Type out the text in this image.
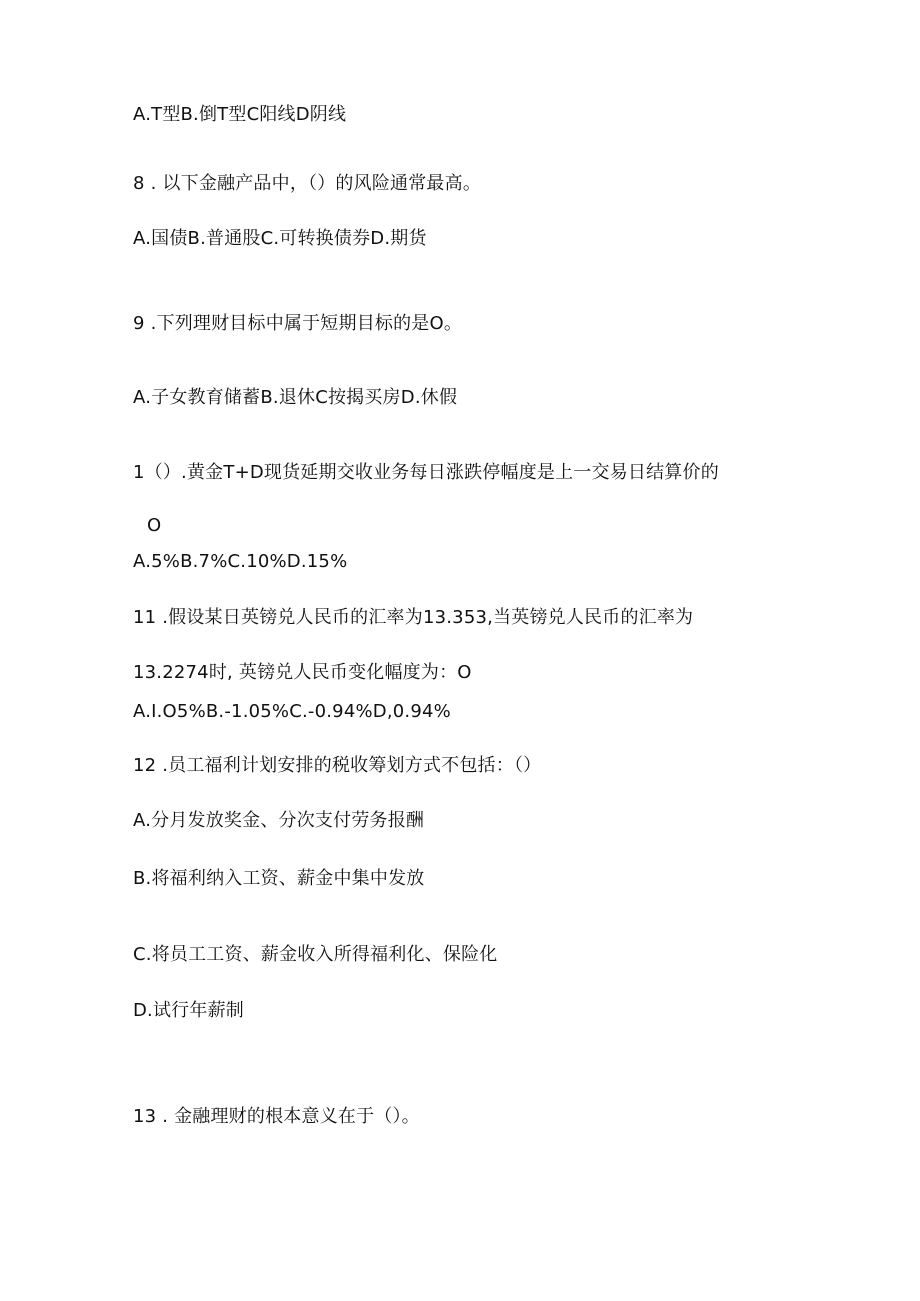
A.T型B.倒T型C阳线D阴线
8 . 以下金融产品中，（）的风险通常最高。
A.国债B.普通股C.可转换债券D.期货
9 .下列理财目标中属于短期目标的是O。
A.子女教育储蓄B.退休C按揭买房D.休假
1（）.黄金T+D现货延期交收业务每日涨跌停幅度是上一交易日结算价的
O
A.5%B.7%C.10%D.15%
11 .假设某日英镑兑人民币的汇率为13.353,当英镑兑人民币的汇率为
13.2274时, 英镑兑人民币变化幅度为：O
A.I.O5%B.-1.05%C.-0.94%D,0.94%
12 .员工福利计划安排的税收筹划方式不包括：（）
A.分月发放奖金、分次支付劳务报酬
B.将福利纳入工资、薪金中集中发放
C.将员工工资、薪金收入所得福利化、保险化
D.试行年薪制
13 . 金融理财的根本意义在于（）。
